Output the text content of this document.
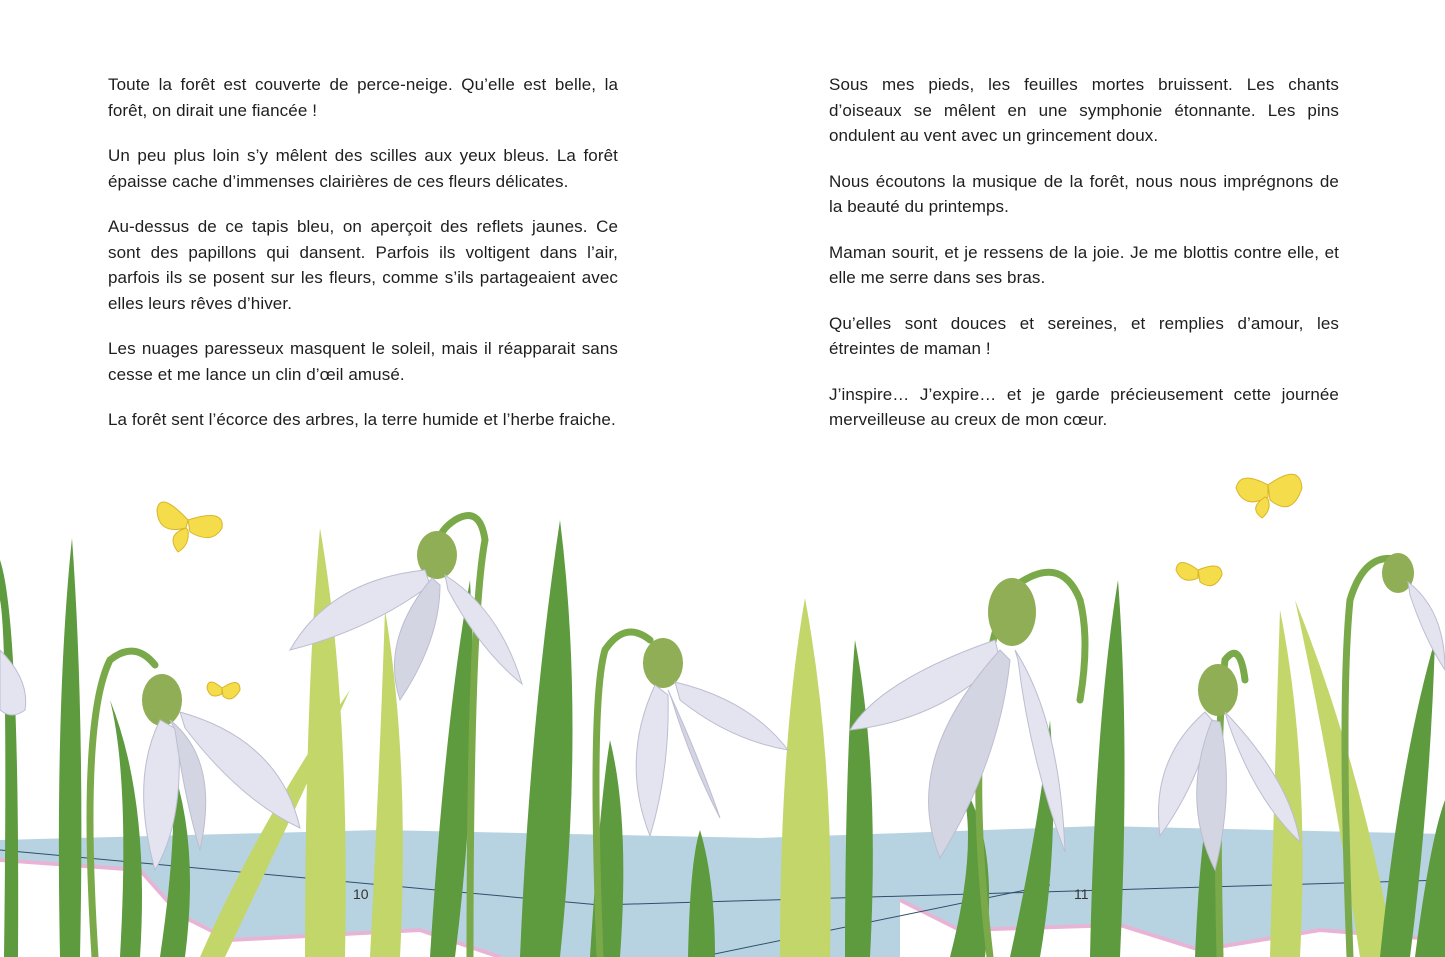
Toute la forêt est couverte de perce-neige. Qu’elle est belle, la forêt, on dirait une fiancée !

Un peu plus loin s’y mêlent des scilles aux yeux bleus. La forêt épaisse cache d’immenses clairières de ces fleurs délicates.

Au-dessus de ce tapis bleu, on aperçoit des reflets jaunes. Ce sont des papillons qui dansent. Parfois ils voltigent dans l’air, parfois ils se posent sur les fleurs, comme s’ils partageaient avec elles leurs rêves d’hiver.

Les nuages paresseux masquent le soleil, mais il réapparait sans cesse et me lance un clin d’œil amusé.

La forêt sent l’écorce des arbres, la terre humide et l’herbe fraiche.

Sous mes pieds, les feuilles mortes bruissent. Les chants d’oiseaux se mêlent en une symphonie étonnante. Les pins ondulent au vent avec un grincement doux.

Nous écoutons la musique de la forêt, nous nous imprégnons de la beauté du printemps.

Maman sourit, et je ressens de la joie. Je me blottis contre elle, et elle me serre dans ses bras.

Qu’elles sont douces et sereines, et remplies d’amour, les étreintes de maman !

J’inspire… J’expire… et je garde précieusement cette journée merveilleuse au creux de mon cœur.

10	11
